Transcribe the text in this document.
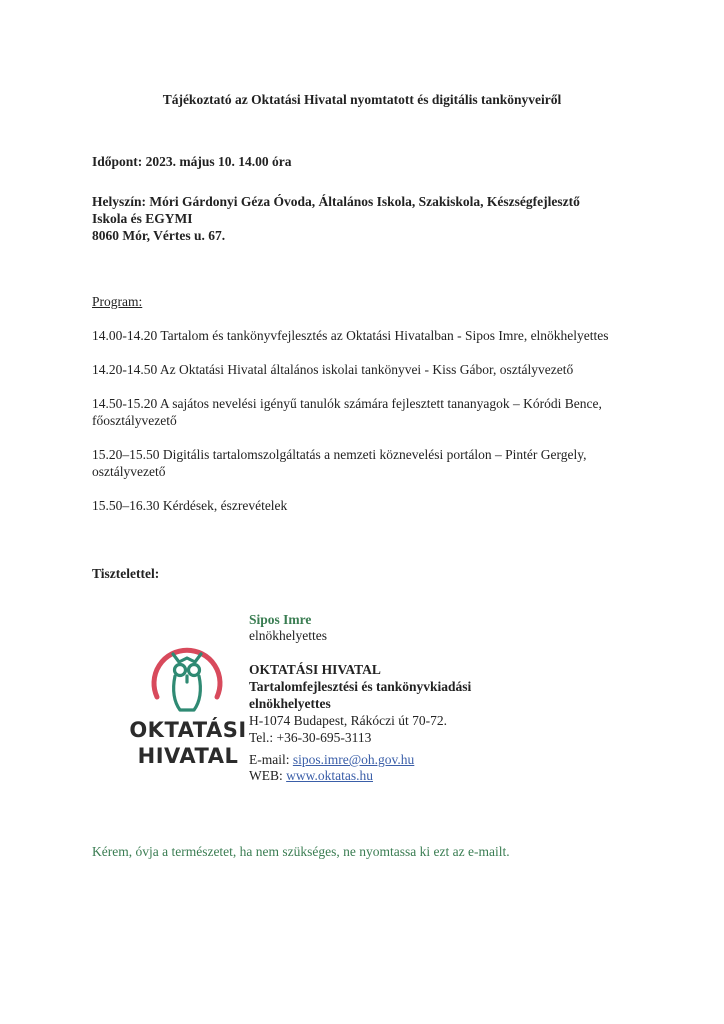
Tájékoztató az Oktatási Hivatal nyomtatott és digitális tankönyveiről
Időpont: 2023. május 10. 14.00 óra
Helyszín: Móri Gárdonyi Géza Óvoda, Általános Iskola, Szakiskola, Készségfejlesztő
Iskola és EGYMI
8060 Mór, Vértes u. 67.
Program:
14.00-14.20 Tartalom és tankönyvfejlesztés az Oktatási Hivatalban - Sipos Imre, elnökhelyettes
14.20-14.50 Az Oktatási Hivatal általános iskolai tankönyvei - Kiss Gábor, osztályvezető
14.50-15.20 A sajátos nevelési igényű tanulók számára fejlesztett tananyagok – Kóródi Bence,
főosztályvezető
15.20–15.50 Digitális tartalomszolgáltatás a nemzeti köznevelési portálon – Pintér Gergely,
osztályvezető
15.50–16.30 Kérdések, észrevételek
Tisztelettel:
OKTATÁSI
HIVATAL
Sipos Imre
elnökhelyettes
OKTATÁSI HIVATAL
Tartalomfejlesztési és tankönyvkiadási
elnökhelyettes
H-1074 Budapest, Rákóczi út 70-72.
Tel.: +36-30-695-3113
E-mail: sipos.imre@oh.gov.hu
WEB: www.oktatas.hu
Kérem, óvja a természetet, ha nem szükséges, ne nyomtassa ki ezt az e-mailt.
